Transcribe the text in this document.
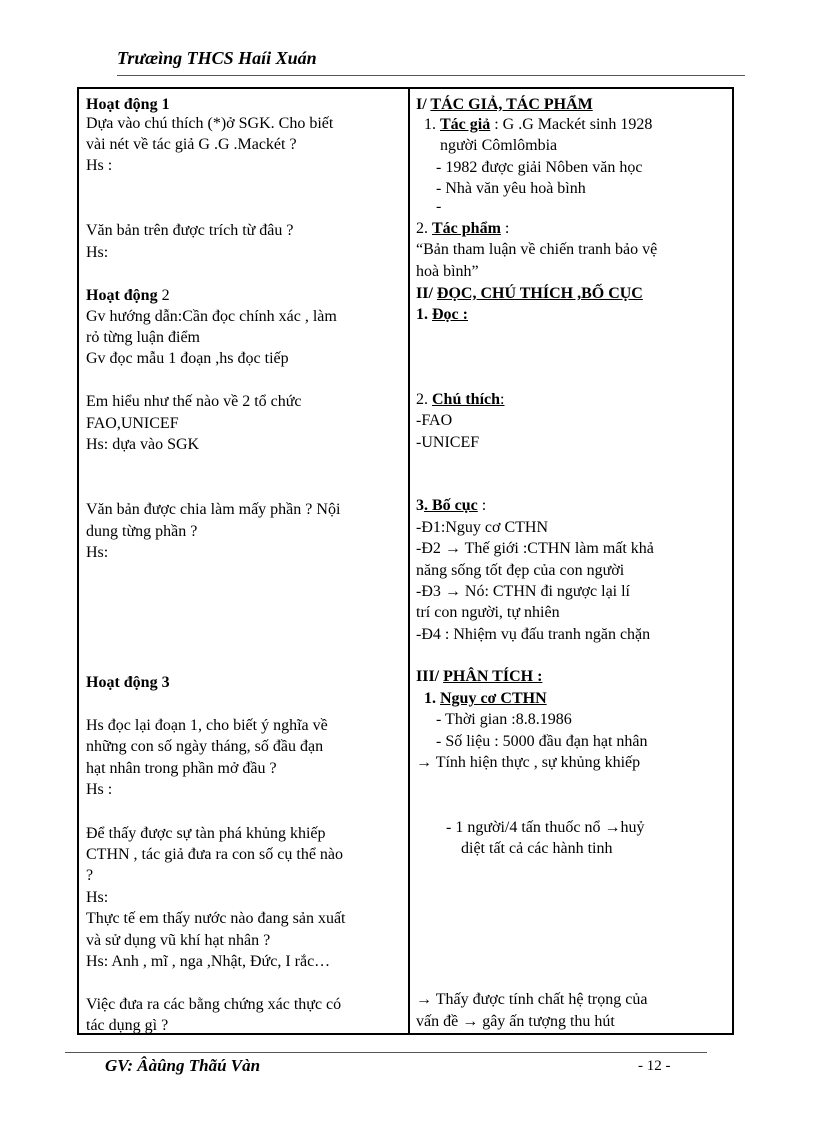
Trưæìng THCS Haíi Xuán
Hoạt động 1
Dựa vào chú thích (*)ở SGK. Cho biết
vài nét về tác giả G .G .Mackét ?
Hs :
Văn bản trên được trích từ đâu ?
Hs:
Hoạt động 2
Gv hướng dẫn:Cần đọc chính xác , làm
rỏ từng luận điểm
Gv đọc mẫu 1 đoạn ,hs đọc tiếp
Em hiểu như thế nào về 2 tổ chức
FAO,UNICEF
Hs: dựa vào SGK
Văn bản được chia làm mấy phần ? Nội
dung từng phần ?
Hs:
Hoạt động 3
Hs đọc lại đoạn 1, cho biết ý nghĩa về
những con số ngày tháng, số đầu đạn
hạt nhân trong phần mở đầu ?
Hs :
Để thấy được sự tàn phá khủng khiếp
CTHN , tác giả đưa ra con số cụ thể nào
?
Hs:
Thực tế em thấy nước nào đang sản xuất
và sử dụng vũ khí hạt nhân ?
Hs: Anh , mĩ , nga ,Nhật, Đức, I rắc…
Việc đưa ra các bằng chứng xác thực có
tác dụng gì ?
I/ TÁC GIẢ, TÁC PHẨM
1. Tác giả : G .G Mackét sinh 1928
người Cômlômbia
- 1982 được giải Nôben văn học
- Nhà văn yêu hoà bình
-
2. Tác phẩm :
“Bản tham luận về chiến tranh bảo vệ
hoà bình”
II/ ĐỌC, CHÚ THÍCH ,BỐ CỤC
1. Đọc :
2. Chú thích:
-FAO
-UNICEF
3. Bố cục :
-Đ1:Nguy cơ CTHN
-Đ2 → Thế giới :CTHN làm mất khả
năng sống tốt đẹp của con người
-Đ3 → Nó: CTHN đi ngược lại lí
trí con người, tự nhiên
-Đ4 : Nhiệm vụ đấu tranh ngăn chặn
III/ PHÂN TÍCH :
1. Nguy cơ CTHN
- Thời gian :8.8.1986
- Số liệu : 5000 đầu đạn hạt nhân
→ Tính hiện thực , sự khủng khiếp
- 1 người/4 tấn thuốc nổ →huỷ
diệt tất cả các hành tinh
→ Thấy được tính chất hệ trọng của
vấn đề → gây ấn tượng thu hút
GV: Âàûng Thãú Vàn	- 12 -
